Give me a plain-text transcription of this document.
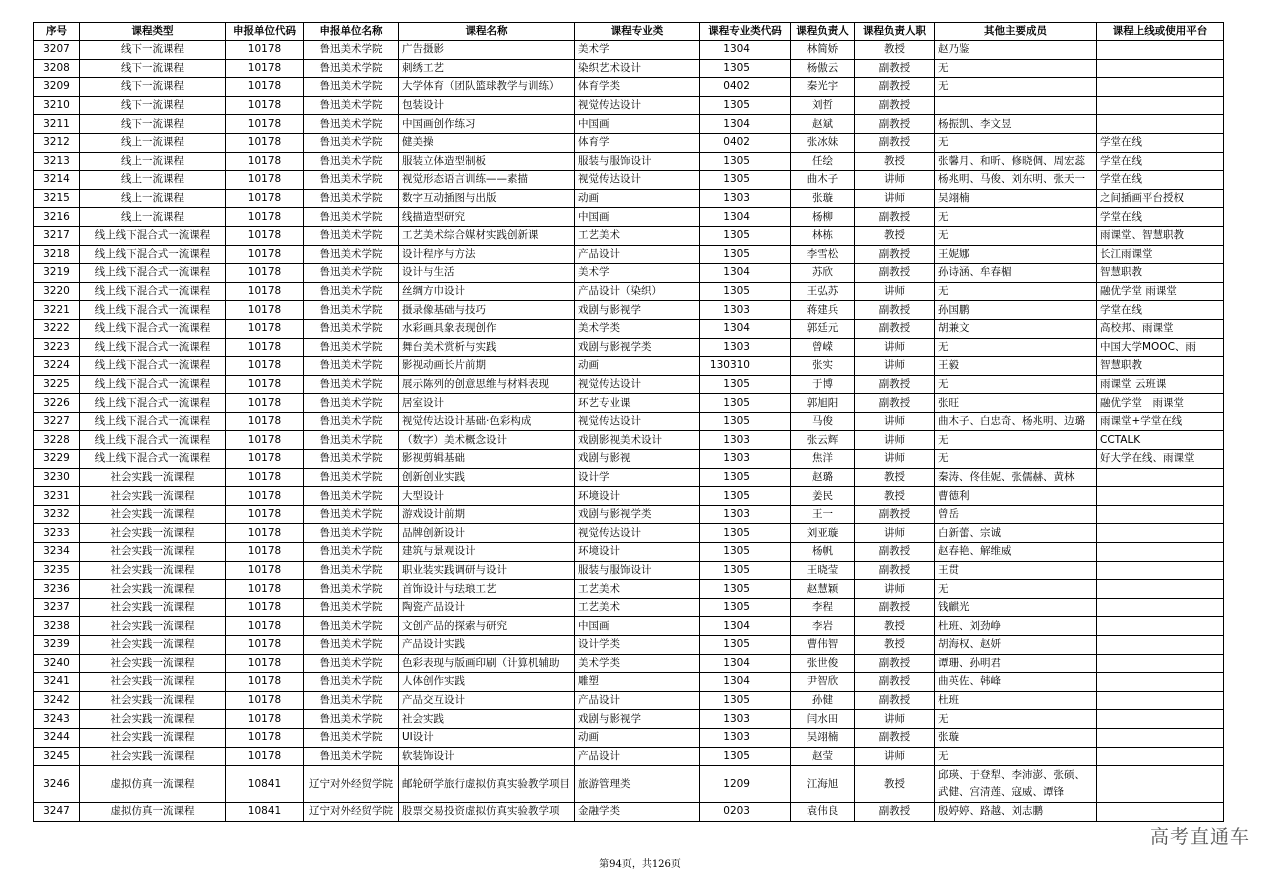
序号	课程类型	申报单位代码	申报单位名称	课程名称	课程专业类	课程专业类代码	课程负责人	课程负责人职	其他主要成员	课程上线或使用平台
3207	线下一流课程	10178	鲁迅美术学院	广告摄影	美术学	1304	林简娇	教授	赵乃鉴	
3208	线下一流课程	10178	鲁迅美术学院	刺绣工艺	染织艺术设计	1305	杨傲云	副教授	无	
3209	线下一流课程	10178	鲁迅美术学院	大学体育（团队篮球教学与训练）	体育学类	0402	秦光宇	副教授	无	
3210	线下一流课程	10178	鲁迅美术学院	包装设计	视觉传达设计	1305	刘哲	副教授		
3211	线下一流课程	10178	鲁迅美术学院	中国画创作练习	中国画	1304	赵斌	副教授	杨振凯、李文昱	
3212	线上一流课程	10178	鲁迅美术学院	健美操	体育学	0402	张冰妹	副教授	无	学堂在线
3213	线上一流课程	10178	鲁迅美术学院	服装立体造型制板	服装与服饰设计	1305	任绘	教授	张馨月、和昕、修晓倜、周宏蕊	学堂在线
3214	线上一流课程	10178	鲁迅美术学院	视觉形态语言训练——素描	视觉传达设计	1305	曲木子	讲师	杨兆明、马俊、刘东明、张天一	学堂在线
3215	线上一流课程	10178	鲁迅美术学院	数字互动插图与出版	动画	1303	张璇	讲师	吴翊楠	之间插画平台授权
3216	线上一流课程	10178	鲁迅美术学院	线描造型研究	中国画	1304	杨柳	副教授	无	学堂在线
3217	线上线下混合式一流课程	10178	鲁迅美术学院	工艺美术综合媒材实践创新课	工艺美术	1305	林栋	教授	无	雨课堂、智慧职教
3218	线上线下混合式一流课程	10178	鲁迅美术学院	设计程序与方法	产品设计	1305	李雪松	副教授	王妮娜	长江雨课堂
3219	线上线下混合式一流课程	10178	鲁迅美术学院	设计与生活	美术学	1304	苏欣	副教授	孙诗涵、牟春楣	智慧职教
3220	线上线下混合式一流课程	10178	鲁迅美术学院	丝绸方巾设计	产品设计（染织）	1305	王弘苏	讲师	无	融优学堂 雨课堂
3221	线上线下混合式一流课程	10178	鲁迅美术学院	摄录像基础与技巧	戏剧与影视学	1303	蒋建兵	副教授	孙国鹏	学堂在线
3222	线上线下混合式一流课程	10178	鲁迅美术学院	水彩画具象表现创作	美术学类	1304	郭廷元	副教授	胡兼文	高校邦、雨课堂
3223	线上线下混合式一流课程	10178	鲁迅美术学院	舞台美术赏析与实践	戏剧与影视学类	1303	曾嵘	讲师	无	中国大学MOOC、雨
3224	线上线下混合式一流课程	10178	鲁迅美术学院	影视动画长片前期	动画	130310	张实	讲师	王毅	智慧职教
3225	线上线下混合式一流课程	10178	鲁迅美术学院	展示陈列的创意思维与材料表现	视觉传达设计	1305	于博	副教授	无	雨课堂 云班课
3226	线上线下混合式一流课程	10178	鲁迅美术学院	居室设计	环艺专业课	1305	郭旭阳	副教授	张旺	融优学堂　雨课堂
3227	线上线下混合式一流课程	10178	鲁迅美术学院	视觉传达设计基础·色彩构成	视觉传达设计	1305	马俊	讲师	曲木子、白忠奇、杨兆明、边璐	雨课堂+学堂在线
3228	线上线下混合式一流课程	10178	鲁迅美术学院	（数字）美术概念设计	戏剧影视美术设计	1303	张云辉	讲师	无	CCTALK
3229	线上线下混合式一流课程	10178	鲁迅美术学院	影视剪辑基础	戏剧与影视	1303	焦洋	讲师	无	好大学在线、雨课堂
3230	社会实践一流课程	10178	鲁迅美术学院	创新创业实践	设计学	1305	赵璐	教授	秦涛、佟佳妮、张儒赫、黄林	
3231	社会实践一流课程	10178	鲁迅美术学院	大型设计	环境设计	1305	姜民	教授	曹德利	
3232	社会实践一流课程	10178	鲁迅美术学院	游戏设计前期	戏剧与影视学类	1303	王一	副教授	曾岳	
3233	社会实践一流课程	10178	鲁迅美术学院	品牌创新设计	视觉传达设计	1305	刘亚璇	讲师	白新蕾、宗诚	
3234	社会实践一流课程	10178	鲁迅美术学院	建筑与景观设计	环境设计	1305	杨帆	副教授	赵春艳、解维威	
3235	社会实践一流课程	10178	鲁迅美术学院	职业装实践调研与设计	服装与服饰设计	1305	王晓莹	副教授	王贯	
3236	社会实践一流课程	10178	鲁迅美术学院	首饰设计与珐琅工艺	工艺美术	1305	赵慧颖	讲师	无	
3237	社会实践一流课程	10178	鲁迅美术学院	陶瓷产品设计	工艺美术	1305	李程	副教授	钱麒光	
3238	社会实践一流课程	10178	鲁迅美术学院	文创产品的探索与研究	中国画	1304	李岩	教授	杜班、刘劲峥	
3239	社会实践一流课程	10178	鲁迅美术学院	产品设计实践	设计学类	1305	曹伟智	教授	胡海权、赵妍	
3240	社会实践一流课程	10178	鲁迅美术学院	色彩表现与版画印刷（计算机辅助	美术学类	1304	张世俊	副教授	谭珊、孙明君	
3241	社会实践一流课程	10178	鲁迅美术学院	人体创作实践	雕塑	1304	尹智欣	副教授	曲英佐、韩峰	
3242	社会实践一流课程	10178	鲁迅美术学院	产品交互设计	产品设计	1305	孙健	副教授	杜班	
3243	社会实践一流课程	10178	鲁迅美术学院	社会实践	戏剧与影视学	1303	闫水田	讲师	无	
3244	社会实践一流课程	10178	鲁迅美术学院	UI设计	动画	1303	吴翊楠	副教授	张璇	
3245	社会实践一流课程	10178	鲁迅美术学院	软装饰设计	产品设计	1305	赵莹	讲师	无	
3246	虚拟仿真一流课程	10841	辽宁对外经贸学院	邮轮研学旅行虚拟仿真实验教学项目	旅游管理类	1209	江海旭	教授	邱瑛、于登犁、李沛澎、张硕、武健、宫清莲、寇威、谭锋	
3247	虚拟仿真一流课程	10841	辽宁对外经贸学院	股票交易投资虚拟仿真实验教学项	金融学类	0203	袁伟良	副教授	殷婷婷、路越、刘志鹏	
高考直通车
第94页，共126页
